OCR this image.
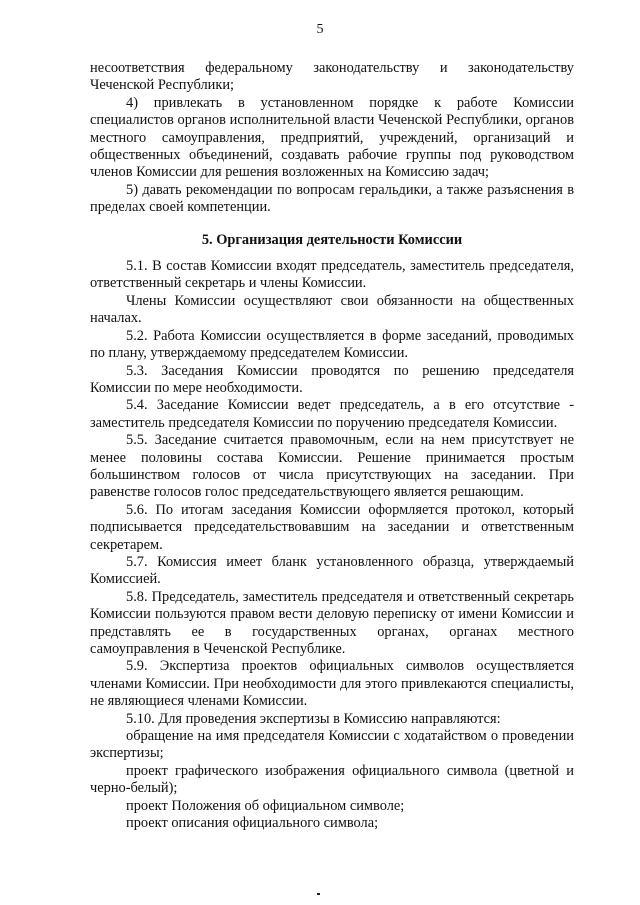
5

несоответствия федеральному законодательству и законодательству Чеченской Республики;

4) привлекать в установленном порядке к работе Комиссии специалистов органов исполнительной власти Чеченской Республики, органов местного самоуправления, предприятий, учреждений, организаций и общественных объединений, создавать рабочие группы под руководством членов Комиссии для решения возложенных на Комиссию задач;

5) давать рекомендации по вопросам геральдики, а также разъяснения в пределах своей компетенции.

5. Организация деятельности Комиссии

5.1. В состав Комиссии входят председатель, заместитель председателя, ответственный секретарь и члены Комиссии.

Члены Комиссии осуществляют свои обязанности на общественных началах.

5.2. Работа Комиссии осуществляется в форме заседаний, проводимых по плану, утверждаемому председателем Комиссии.

5.3. Заседания Комиссии проводятся по решению председателя Комиссии по мере необходимости.

5.4. Заседание Комиссии ведет председатель, а в его отсутствие - заместитель председателя Комиссии по поручению председателя Комиссии.

5.5. Заседание считается правомочным, если на нем присутствует не менее половины состава Комиссии. Решение принимается простым большинством голосов от числа присутствующих на заседании. При равенстве голосов голос председательствующего является решающим.

5.6. По итогам заседания Комиссии оформляется протокол, который подписывается председательствовавшим на заседании и ответственным секретарем.

5.7. Комиссия имеет бланк установленного образца, утверждаемый Комиссией.

5.8. Председатель, заместитель председателя и ответственный секретарь Комиссии пользуются правом вести деловую переписку от имени Комиссии и представлять ее в государственных органах, органах местного самоуправления в Чеченской Республике.

5.9. Экспертиза проектов официальных символов осуществляется членами Комиссии. При необходимости для этого привлекаются специалисты, не являющиеся членами Комиссии.

5.10. Для проведения экспертизы в Комиссию направляются:

обращение на имя председателя Комиссии с ходатайством о проведении экспертизы;

проект графического изображения официального символа (цветной и черно-белый);

проект Положения об официальном символе;

проект описания официального символа;
